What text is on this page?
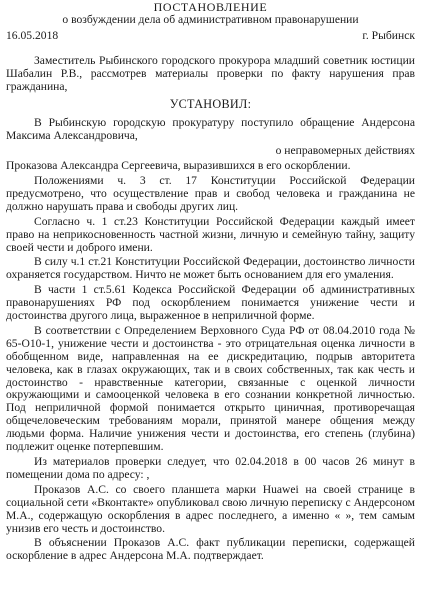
ПОСТАНОВЛЕНИЕ
о возбуждении дела об административном правонарушении
16.05.2018	г. Рыбинск

Заместитель Рыбинского городского прокурора младший советник юстиции Шабалин Р.В., рассмотрев материалы проверки по факту нарушения прав гражданина,

УСТАНОВИЛ:

В Рыбинскую городскую прокуратуру поступило обращение Андерсона Максима Александровича,

о неправомерных действиях

Проказова Александра Сергеевича, выразившихся в его оскорблении.

Положениями ч. 3 ст. 17 Конституции Российской Федерации предусмотрено, что осуществление прав и свобод человека и гражданина не должно нарушать права и свободы других лиц.

Согласно ч. 1 ст.23 Конституции Российской Федерации каждый имеет право на неприкосновенность частной жизни, личную и семейную тайну, защиту своей чести и доброго имени.

В силу ч.1 ст.21 Конституции Российской Федерации, достоинство личности охраняется государством. Ничто не может быть основанием для его умаления.

В части 1 ст.5.61 Кодекса Российской Федерации об административных правонарушениях РФ под оскорблением понимается унижение чести и достоинства другого лица, выраженное в неприличной форме.

В соответствии с Определением Верховного Суда РФ от 08.04.2010 года № 65-О10-1, унижение чести и достоинства - это отрицательная оценка личности в обобщенном виде, направленная на ее дискредитацию, подрыв авторитета человека, как в глазах окружающих, так и в своих собственных, так как честь и достоинство - нравственные категории, связанные с оценкой личности окружающими и самооценкой человека в его сознании конкретной личностью. Под неприличной формой понимается открыто циничная, противоречащая общечеловеческим требованиям морали, принятой манере общения между людьми форма. Наличие унижения чести и достоинства, его степень (глубина) подлежит оценке потерпевшим.

Из материалов проверки следует, что 02.04.2018 в 00 часов 26 минут в помещении дома по адресу: ,

Проказов А.С. со своего планшета марки Huawei на своей странице в социальной сети «Вконтакте» опубликовал свою личную переписку с Андерсоном М.А., содержащую оскорбления в адрес последнего, а именно « », тем самым унизив его честь и достоинство.

В объяснении Проказов А.С. факт публикации переписки, содержащей оскорбление в адрес Андерсона М.А. подтверждает.
